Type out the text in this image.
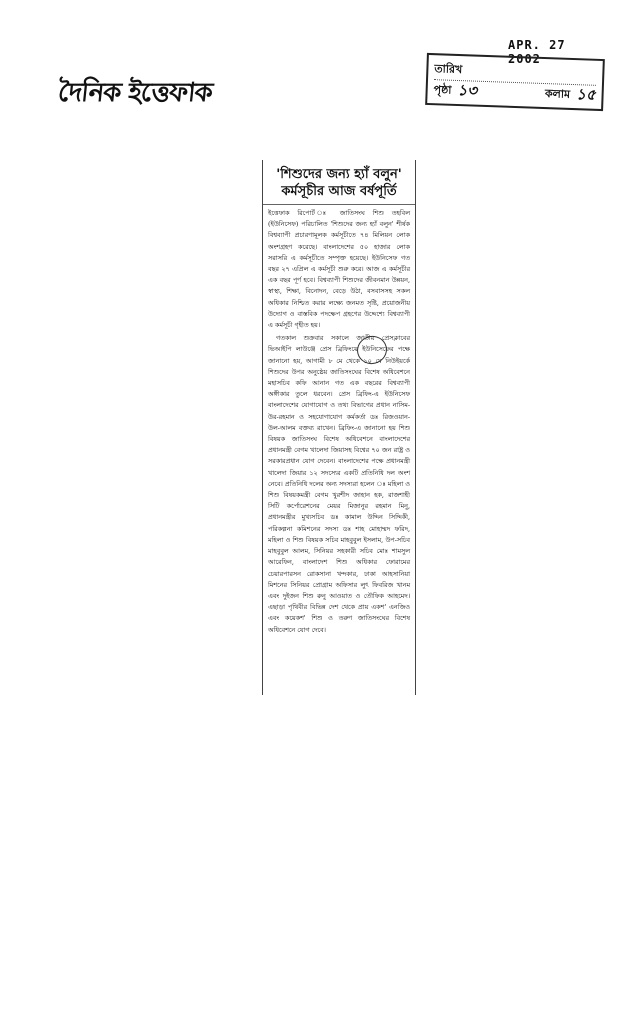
দৈনিক ইত্তেফাক
APR. 27 2002
তারিখ
পৃষ্ঠা ১৩	কলাম ১৫
'শিশুদের জন্য হ্যাঁ বলুন'
কর্মসূচীর আজ বর্ষপূর্তি

ইত্তেফাক রিপোর্ট ঃ জাতিসংঘ শিশু তহবিল (ইউনিসেফ) পরিচালিত 'শিশুদের জন্য হ্যাঁ বলুন' শীর্ষক বিশ্বব্যাপী প্রচারণামূলক কর্মসূচীতে ৭৪ মিলিয়ন লোক অংশগ্রহণ করেছে। বাংলাদেশের ৫০ হাজার লোক সরাসরি এ কর্মসূচীতে সম্পৃক্ত হয়েছে। ইউনিসেফ গত বছর ২৭ এপ্রিল এ কর্মসূচী শুরু করে। আজ এ কর্মসূচীর এক বছর পূর্ণ হবে। বিশ্বব্যাপী শিশুদের জীবনমান উন্নয়ন, স্বাস্থ্য, শিক্ষা, বিনোদন, বেড়ে উঠা, বসবাসসহ সকল অধিকার নিশ্চিত করার লক্ষ্যে জনমত সৃষ্টি, প্রয়োজনীয় উদ্যোগ ও বাস্তবিক পদক্ষেপ গ্রহণের উদ্দেশ্যে বিশ্বব্যাপী এ কর্মসূচী গৃহীত হয়।

গতকাল শুক্রবার সকালে জাতীয় প্রেসক্লাবের ভিআইপি লাউঞ্জে প্রেস ব্রিফিংয়ে ইউনিসেফের পক্ষে জানানো হয়, আগামী ৮ মে থেকে ১০ মে নিউইয়র্কে শিশুদের উপর অনুষ্ঠেয় জাতিসংঘের বিশেষ অধিবেশনে মহাসচিব কফি আনান গত এক বছরের বিশ্বব্যাপী অঙ্গীকার তুলে ধরবেন। প্রেস ব্রিফিং-এ ইউনিসেফ বাংলাদেশের যোগাযোগ ও তথ্য বিভাগের প্রধান নাসিম-উর-রহমান ও সহযোগাযোগ কর্মকর্তা ডঃ রিজওয়ান-উল-আলম বক্তব্য রাখেন। ব্রিফিং-এ জানানো হয় শিশু বিষয়ক জাতিসংঘ বিশেষ অধিবেশনে বাংলাদেশের প্রধানমন্ত্রী বেগম খালেদা জিয়াসহ বিশ্বের ৭০ জন রাষ্ট্র ও সরকারপ্রধান যোগ দেবেন। বাংলাদেশের পক্ষে প্রধানমন্ত্রী খালেদা জিয়ার ১২ সদস্যের একটি প্রতিনিধি দল অংশ নেবে। প্রতিনিধি দলের অন্য সদস্যরা হলেন ঃ মহিলা ও শিশু বিষয়কমন্ত্রী বেগম খুরশীদ জাহান হক, রাজশাহী সিটি কর্পোরেশনের মেয়র মিজানুর রহমান মিনু, প্রধানমন্ত্রীর মুখ্যসচিব ডঃ কামাল উদ্দিন সিদ্দিকী, পরিকল্পনা কমিশনের সদস্য ডঃ শাহ মোহাম্মদ ফরিদ, মহিলা ও শিশু বিষয়ক সচিব মাহবুবুল ইসলাম, উপ-সচিব মাহবুবুল আলম, সিনিয়র সহকারী সচিব মোঃ শামসুল আরেফিন, বাংলাদেশ শিশু অধিকার ফোরামের চেয়ারপারসন রোকসানা খন্দকার, ঢাকা আহসানিয়া মিশনের সিনিয়র প্রোগ্রাম অফিসার লুৎ ফিবরিজ খানম এবং দুইজন শিশু রুনু আওয়াত ও তৌফিক আহমেদ। এছাড়া পৃথিবীর বিভিন্ন দেশ থেকে প্রায় একশ' এনজিও এবং কয়েকশ' শিশু ও তরুণ জাতিসংঘের বিশেষ অধিবেশনে যোগ দেবে।
